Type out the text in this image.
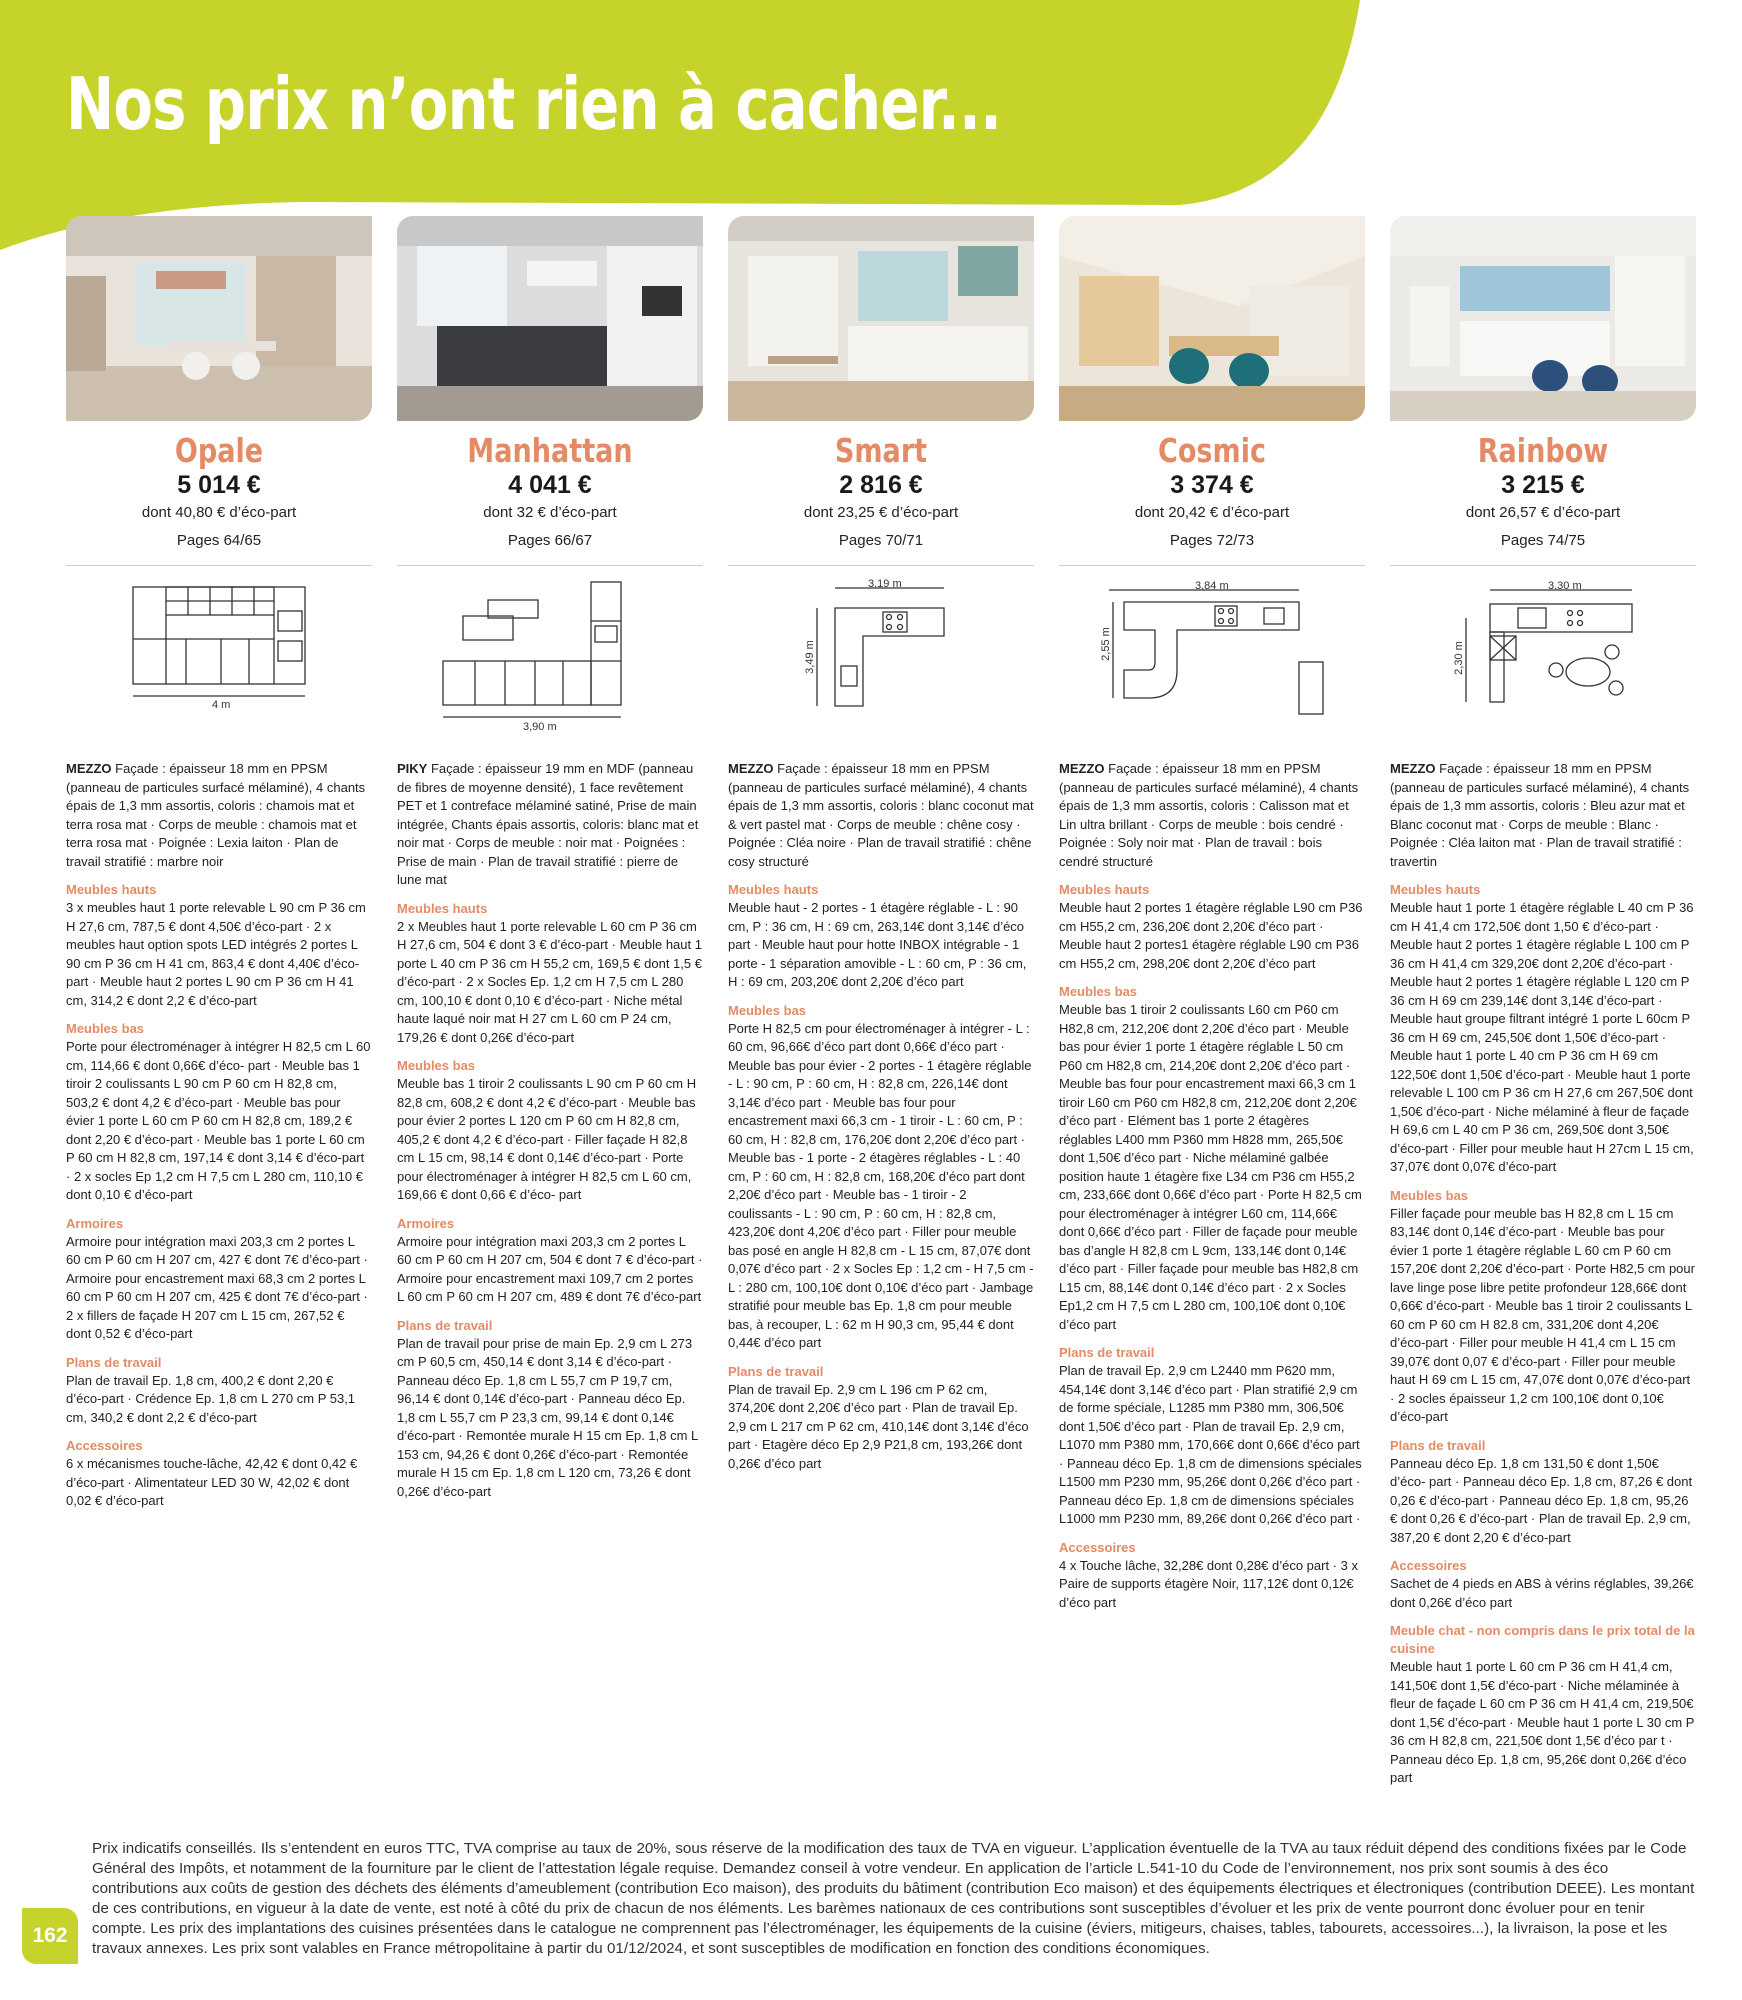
Nos prix n’ont rien à cacher...
Opale
5 014 €
dont 40,80 € d’éco-part
Pages 64/65
4 m
MEZZO Façade : épaisseur 18 mm en PPSM (panneau de particules surfacé mélaminé), 4 chants épais de 1,3 mm assortis, coloris : chamois mat et terra rosa mat · Corps de meuble : chamois mat et terra rosa mat · Poignée : Lexia laiton · Plan de travail stratifié : marbre noir
Meubles hauts

3 x meubles haut 1 porte relevable L 90 cm P 36 cm H 27,6 cm, 787,5 € dont 4,50€ d’éco-part · 2 x meubles haut option spots LED intégrés 2 portes L 90 cm P 36 cm H 41 cm, 863,4 € dont 4,40€ d’éco-part · Meuble haut 2 portes L 90 cm P 36 cm H 41 cm, 314,2 € dont 2,2 € d’éco-part

Meubles bas

Porte pour électroménager à intégrer H 82,5 cm L 60 cm, 114,66 € dont 0,66€ d’éco- part · Meuble bas 1 tiroir 2 coulissants L 90 cm P 60 cm H 82,8 cm, 503,2 € dont 4,2 € d’éco-part · Meuble bas pour évier 1 porte L 60 cm P 60 cm H 82,8 cm, 189,2 € dont 2,20 € d’éco-part · Meuble bas 1 porte L 60 cm P 60 cm H 82,8 cm, 197,14 € dont 3,14 € d’éco-part · 2 x socles Ep 1,2 cm H 7,5 cm L 280 cm, 110,10 € dont 0,10 € d’éco-part

Armoires

Armoire pour intégration maxi 203,3 cm 2 portes L 60 cm P 60 cm H 207 cm, 427 € dont 7€ d’éco-part · Armoire pour encastrement maxi 68,3 cm 2 portes L 60 cm P 60 cm H 207 cm, 425 € dont 7€ d’éco-part · 2 x fillers de façade H 207 cm L 15 cm, 267,52 € dont 0,52 € d’éco-part

Plans de travail

Plan de travail Ep. 1,8 cm, 400,2 € dont 2,20 € d’éco-part · Crédence Ep. 1,8 cm L 270 cm P 53,1 cm, 340,2 € dont 2,2 € d’éco-part

Accessoires

6 x mécanismes touche-lâche, 42,42 € dont 0,42 € d’éco-part · Alimentateur LED 30 W, 42,02 € dont 0,02 € d’éco-part

Manhattan
4 041 €
dont 32 € d’éco-part
Pages 66/67
3,90 m
PIKY Façade : épaisseur 19 mm en MDF (panneau de fibres de moyenne densité), 1 face revêtement PET et 1 contreface mélaminé satiné, Prise de main intégrée, Chants épais assortis, coloris: blanc mat et noir mat · Corps de meuble : noir mat · Poignées : Prise de main · Plan de travail stratifié : pierre de lune mat
Meubles hauts

2 x Meubles haut 1 porte relevable L 60 cm P 36 cm H 27,6 cm, 504 € dont 3 € d’éco-part · Meuble haut 1 porte L 40 cm P 36 cm H 55,2 cm, 169,5 € dont 1,5 € d’éco-part · 2 x Socles Ep. 1,2 cm H 7,5 cm L 280 cm, 100,10 € dont 0,10 € d’éco-part · Niche métal haute laqué noir mat H 27 cm L 60 cm P 24 cm, 179,26 € dont 0,26€ d’éco-part

Meubles bas

Meuble bas 1 tiroir 2 coulissants L 90 cm P 60 cm H 82,8 cm, 608,2 € dont 4,2 € d’éco-part · Meuble bas pour évier 2 portes L 120 cm P 60 cm H 82,8 cm, 405,2 € dont 4,2 € d’éco-part · Filler façade H 82,8 cm L 15 cm, 98,14 € dont 0,14€ d’éco-part · Porte pour électroménager à intégrer H 82,5 cm L 60 cm, 169,66 € dont 0,66 € d’éco- part

Armoires

Armoire pour intégration maxi 203,3 cm 2 portes L 60 cm P 60 cm H 207 cm, 504 € dont 7 € d’éco-part · Armoire pour encastrement maxi 109,7 cm 2 portes L 60 cm P 60 cm H 207 cm, 489 € dont 7€ d’éco-part

Plans de travail

Plan de travail pour prise de main Ep. 2,9 cm L 273 cm P 60,5 cm, 450,14 € dont 3,14 € d’éco-part · Panneau déco Ep. 1,8 cm L 55,7 cm P 19,7 cm, 96,14 € dont 0,14€ d’éco-part · Panneau déco Ep. 1,8 cm L 55,7 cm P 23,3 cm, 99,14 € dont 0,14€ d’éco-part · Remontée murale H 15 cm Ep. 1,8 cm L 153 cm, 94,26 € dont 0,26€ d’éco-part · Remontée murale H 15 cm Ep. 1,8 cm L 120 cm, 73,26 € dont 0,26€ d’éco-part

Smart
2 816 €
dont 23,25 € d’éco-part
Pages 70/71
3,19 m
3,49 m
MEZZO Façade : épaisseur 18 mm en PPSM (panneau de particules surfacé mélaminé), 4 chants épais de 1,3 mm assortis, coloris : blanc coconut mat & vert pastel mat · Corps de meuble : chêne cosy · Poignée : Cléa noire · Plan de travail stratifié : chêne cosy structuré
Meubles hauts

Meuble haut - 2 portes - 1 étagère réglable - L : 90 cm, P : 36 cm, H : 69 cm, 263,14€ dont 3,14€ d’éco part · Meuble haut pour hotte INBOX intégrable - 1 porte - 1 séparation amovible - L : 60 cm, P : 36 cm, H : 69 cm, 203,20€ dont 2,20€ d’éco part

Meubles bas

Porte H 82,5 cm pour électroménager à intégrer - L : 60 cm, 96,66€ d’éco part dont 0,66€ d’éco part · Meuble bas pour évier - 2 portes - 1 étagère réglable - L : 90 cm, P : 60 cm, H : 82,8 cm, 226,14€ dont 3,14€ d’éco part · Meuble bas four pour encastrement maxi 66,3 cm - 1 tiroir - L : 60 cm, P : 60 cm, H : 82,8 cm, 176,20€ dont 2,20€ d’éco part · Meuble bas - 1 porte - 2 étagères réglables - L : 40 cm, P : 60 cm, H : 82,8 cm, 168,20€ d’éco part dont 2,20€ d’éco part · Meuble bas - 1 tiroir - 2 coulissants - L : 90 cm, P : 60 cm, H : 82,8 cm, 423,20€ dont 4,20€ d’éco part · Filler pour meuble bas posé en angle H 82,8 cm - L 15 cm, 87,07€ dont 0,07€ d’éco part · 2 x Socles Ep : 1,2 cm - H 7,5 cm - L : 280 cm, 100,10€ dont 0,10€ d’éco part · Jambage stratifié pour meuble bas Ep. 1,8 cm pour meuble bas, à recouper, L : 62 m H 90,3 cm, 95,44 € dont 0,44€ d’éco part

Plans de travail

Plan de travail Ep. 2,9 cm L 196 cm P 62 cm, 374,20€ dont 2,20€ d’éco part · Plan de travail Ep. 2,9 cm L 217 cm P 62 cm, 410,14€ dont 3,14€ d’éco part · Etagère déco Ep 2,9 P21,8 cm, 193,26€ dont 0,26€ d’éco part

Cosmic
3 374 €
dont 20,42 € d’éco-part
Pages 72/73
3,84 m
2,55 m
MEZZO Façade : épaisseur 18 mm en PPSM (panneau de particules surfacé mélaminé), 4 chants épais de 1,3 mm assortis, coloris : Calisson mat et Lin ultra brillant · Corps de meuble : bois cendré · Poignée : Soly noir mat · Plan de travail : bois cendré structuré
Meubles hauts

Meuble haut 2 portes 1 étagère réglable L90 cm P36 cm H55,2 cm, 236,20€ dont 2,20€ d’éco part · Meuble haut 2 portes1 étagère réglable L90 cm P36 cm H55,2 cm, 298,20€ dont 2,20€ d’éco part

Meubles bas

Meuble bas 1 tiroir 2 coulissants L60 cm P60 cm H82,8 cm, 212,20€ dont 2,20€ d’éco part · Meuble bas pour évier 1 porte 1 étagère réglable L 50 cm P60 cm H82,8 cm, 214,20€ dont 2,20€ d’éco part · Meuble bas four pour encastrement maxi 66,3 cm 1 tiroir L60 cm P60 cm H82,8 cm, 212,20€ dont 2,20€ d’éco part · Elément bas 1 porte 2 étagères réglables L400 mm P360 mm H828 mm, 265,50€ dont 1,50€ d’éco part · Niche mélaminé galbée position haute 1 étagère fixe L34 cm P36 cm H55,2 cm, 233,66€ dont 0,66€ d’éco part · Porte H 82,5 cm pour électroménager à intégrer L60 cm, 114,66€ dont 0,66€ d’éco part · Filler de façade pour meuble bas d’angle H 82,8 cm L 9cm, 133,14€ dont 0,14€ d’éco part · Filler façade pour meuble bas H82,8 cm L15 cm, 88,14€ dont 0,14€ d’éco part · 2 x Socles Ep1,2 cm H 7,5 cm L 280 cm, 100,10€ dont 0,10€ d’éco part

Plans de travail

Plan de travail Ep. 2,9 cm L2440 mm P620 mm, 454,14€ dont 3,14€ d’éco part · Plan stratifié 2,9 cm de forme spéciale, L1285 mm P380 mm, 306,50€ dont 1,50€ d’éco part · Plan de travail Ep. 2,9 cm, L1070 mm P380 mm, 170,66€ dont 0,66€ d’éco part · Panneau déco Ep. 1,8 cm de dimensions spéciales L1500 mm P230 mm, 95,26€ dont 0,26€ d’éco part · Panneau déco Ep. 1,8 cm de dimensions spéciales L1000 mm P230 mm, 89,26€ dont 0,26€ d’éco part ·

Accessoires

4 x Touche lâche, 32,28€ dont 0,28€ d’éco part · 3 x Paire de supports étagère Noir, 117,12€ dont 0,12€ d’éco part

Rainbow
3 215 €
dont 26,57 € d’éco-part
Pages 74/75
3,30 m
2,30 m
MEZZO Façade : épaisseur 18 mm en PPSM (panneau de particules surfacé mélaminé), 4 chants épais de 1,3 mm assortis, coloris : Bleu azur mat et Blanc coconut mat · Corps de meuble : Blanc · Poignée : Cléa laiton mat · Plan de travail stratifié : travertin
Meubles hauts

Meuble haut 1 porte 1 étagère réglable L 40 cm P 36 cm H 41,4 cm 172,50€ dont 1,50 € d’éco-part · Meuble haut 2 portes 1 étagère réglable L 100 cm P 36 cm H 41,4 cm 329,20€ dont 2,20€ d’éco-part · Meuble haut 2 portes 1 étagère réglable L 120 cm P 36 cm H 69 cm 239,14€ dont 3,14€ d’éco-part · Meuble haut groupe filtrant intégré 1 porte L 60cm P 36 cm H 69 cm, 245,50€ dont 1,50€ d’éco-part · Meuble haut 1 porte L 40 cm P 36 cm H 69 cm 122,50€ dont 1,50€ d’éco-part · Meuble haut 1 porte relevable L 100 cm P 36 cm H 27,6 cm 267,50€ dont 1,50€ d’éco-part · Niche mélaminé à fleur de façade H 69,6 cm L 40 cm P 36 cm, 269,50€ dont 3,50€ d’éco-part · Filler pour meuble haut H 27cm L 15 cm, 37,07€ dont 0,07€ d’éco-part

Meubles bas

Filler façade pour meuble bas H 82,8 cm L 15 cm 83,14€ dont 0,14€ d’éco-part · Meuble bas pour évier 1 porte 1 étagère réglable L 60 cm P 60 cm 157,20€ dont 2,20€ d’éco-part · Porte H82,5 cm pour lave linge pose libre petite profondeur 128,66€ dont 0,66€ d’éco-part · Meuble bas 1 tiroir 2 coulissants L 60 cm P 60 cm H 82.8 cm, 331,20€ dont 4,20€ d’éco-part · Filler pour meuble H 41,4 cm L 15 cm 39,07€ dont 0,07 € d’éco-part · Filler pour meuble haut H 69 cm L 15 cm, 47,07€ dont 0,07€ d’éco-part · 2 socles épaisseur 1,2 cm 100,10€ dont 0,10€ d’éco-part

Plans de travail

Panneau déco Ep. 1,8 cm 131,50 € dont 1,50€ d’éco- part · Panneau déco Ep. 1,8 cm, 87,26 € dont 0,26 € d’éco-part · Panneau déco Ep. 1,8 cm, 95,26 € dont 0,26 € d’éco-part · Plan de travail Ep. 2,9 cm, 387,20 € dont 2,20 € d’éco-part

Accessoires

Sachet de 4 pieds en ABS à vérins réglables, 39,26€ dont 0,26€ d’éco part

Meuble chat - non compris dans le prix total de la cuisine

Meuble haut 1 porte L 60 cm P 36 cm H 41,4 cm, 141,50€ dont 1,5€ d’éco-part · Niche mélaminée à fleur de façade L 60 cm P 36 cm H 41,4 cm, 219,50€ dont 1,5€ d’éco-part · Meuble haut 1 porte L 30 cm P 36 cm H 82,8 cm, 221,50€ dont 1,5€ d’éco par t · Panneau déco Ep. 1,8 cm, 95,26€ dont 0,26€ d’éco part

Prix indicatifs conseillés. Ils s’entendent en euros TTC, TVA comprise au taux de 20%, sous réserve de la modification des taux de TVA en vigueur. L’application éventuelle de la TVA au taux réduit dépend des conditions fixées par le Code Général des Impôts, et notamment de la fourniture par le client de l’attestation légale requise. Demandez conseil à votre vendeur. En application de l’article L.541-10 du Code de l’environnement, nos prix sont soumis à des éco contributions aux coûts de gestion des déchets des éléments d’ameublement (contribution Eco maison), des produits du bâtiment (contribution Eco maison) et des équipements électriques et électroniques (contribution DEEE). Les montant de ces contributions, en vigueur à la date de vente, est noté à côté du prix de chacun de nos éléments. Les barèmes nationaux de ces contributions sont susceptibles d’évoluer et les prix de vente pourront donc évoluer pour en tenir compte. Les prix des implantations des cuisines présentées dans le catalogue ne comprennent pas l’électroménager, les équipements de la cuisine (éviers, mitigeurs, chaises, tables, tabourets, accessoires...), la livraison, la pose et les travaux annexes. Les prix sont valables en France métropolitaine à partir du 01/12/2024, et sont susceptibles de modification en fonction des conditions économiques.
162
